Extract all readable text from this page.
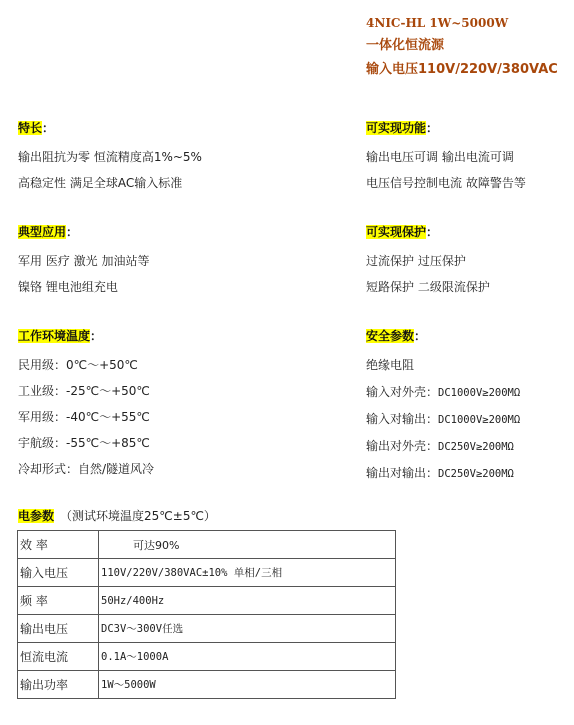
4NIC-HL 1W~5000W
一体化恒流源
输入电压110V/220V/380VAC
特长：
输出阻抗为零 恒流精度高1%~5%
高稳定性 满足全球AC输入标准
可实现功能：
输出电压可调 输出电流可调
电压信号控制电流 故障警告等
典型应用：
军用 医疗 激光 加油站等
镍铬 锂电池组充电
可实现保护：
过流保护 过压保护
短路保护 二级限流保护
工作环境温度：
民用级：0℃～+50℃
工业级：-25℃～+50℃
军用级：-40℃～+55℃
宇航级：-55℃～+85℃
冷却形式：自然/隧道风冷
安全参数：
绝缘电阻
输入对外壳：DC1000V≥200MΩ
输入对输出：DC1000V≥200MΩ
输出对外壳：DC250V≥200MΩ
输出对输出：DC250V≥200MΩ
电参数 （测试环境温度25℃±5℃）
效 率	可达90%
输入电压	110V/220V/380VAC±10% 单相/三相
频 率	50Hz/400Hz
输出电压	DC3V～300V任选
恒流电流	0.1A～1000A
输出功率	1W～5000W
